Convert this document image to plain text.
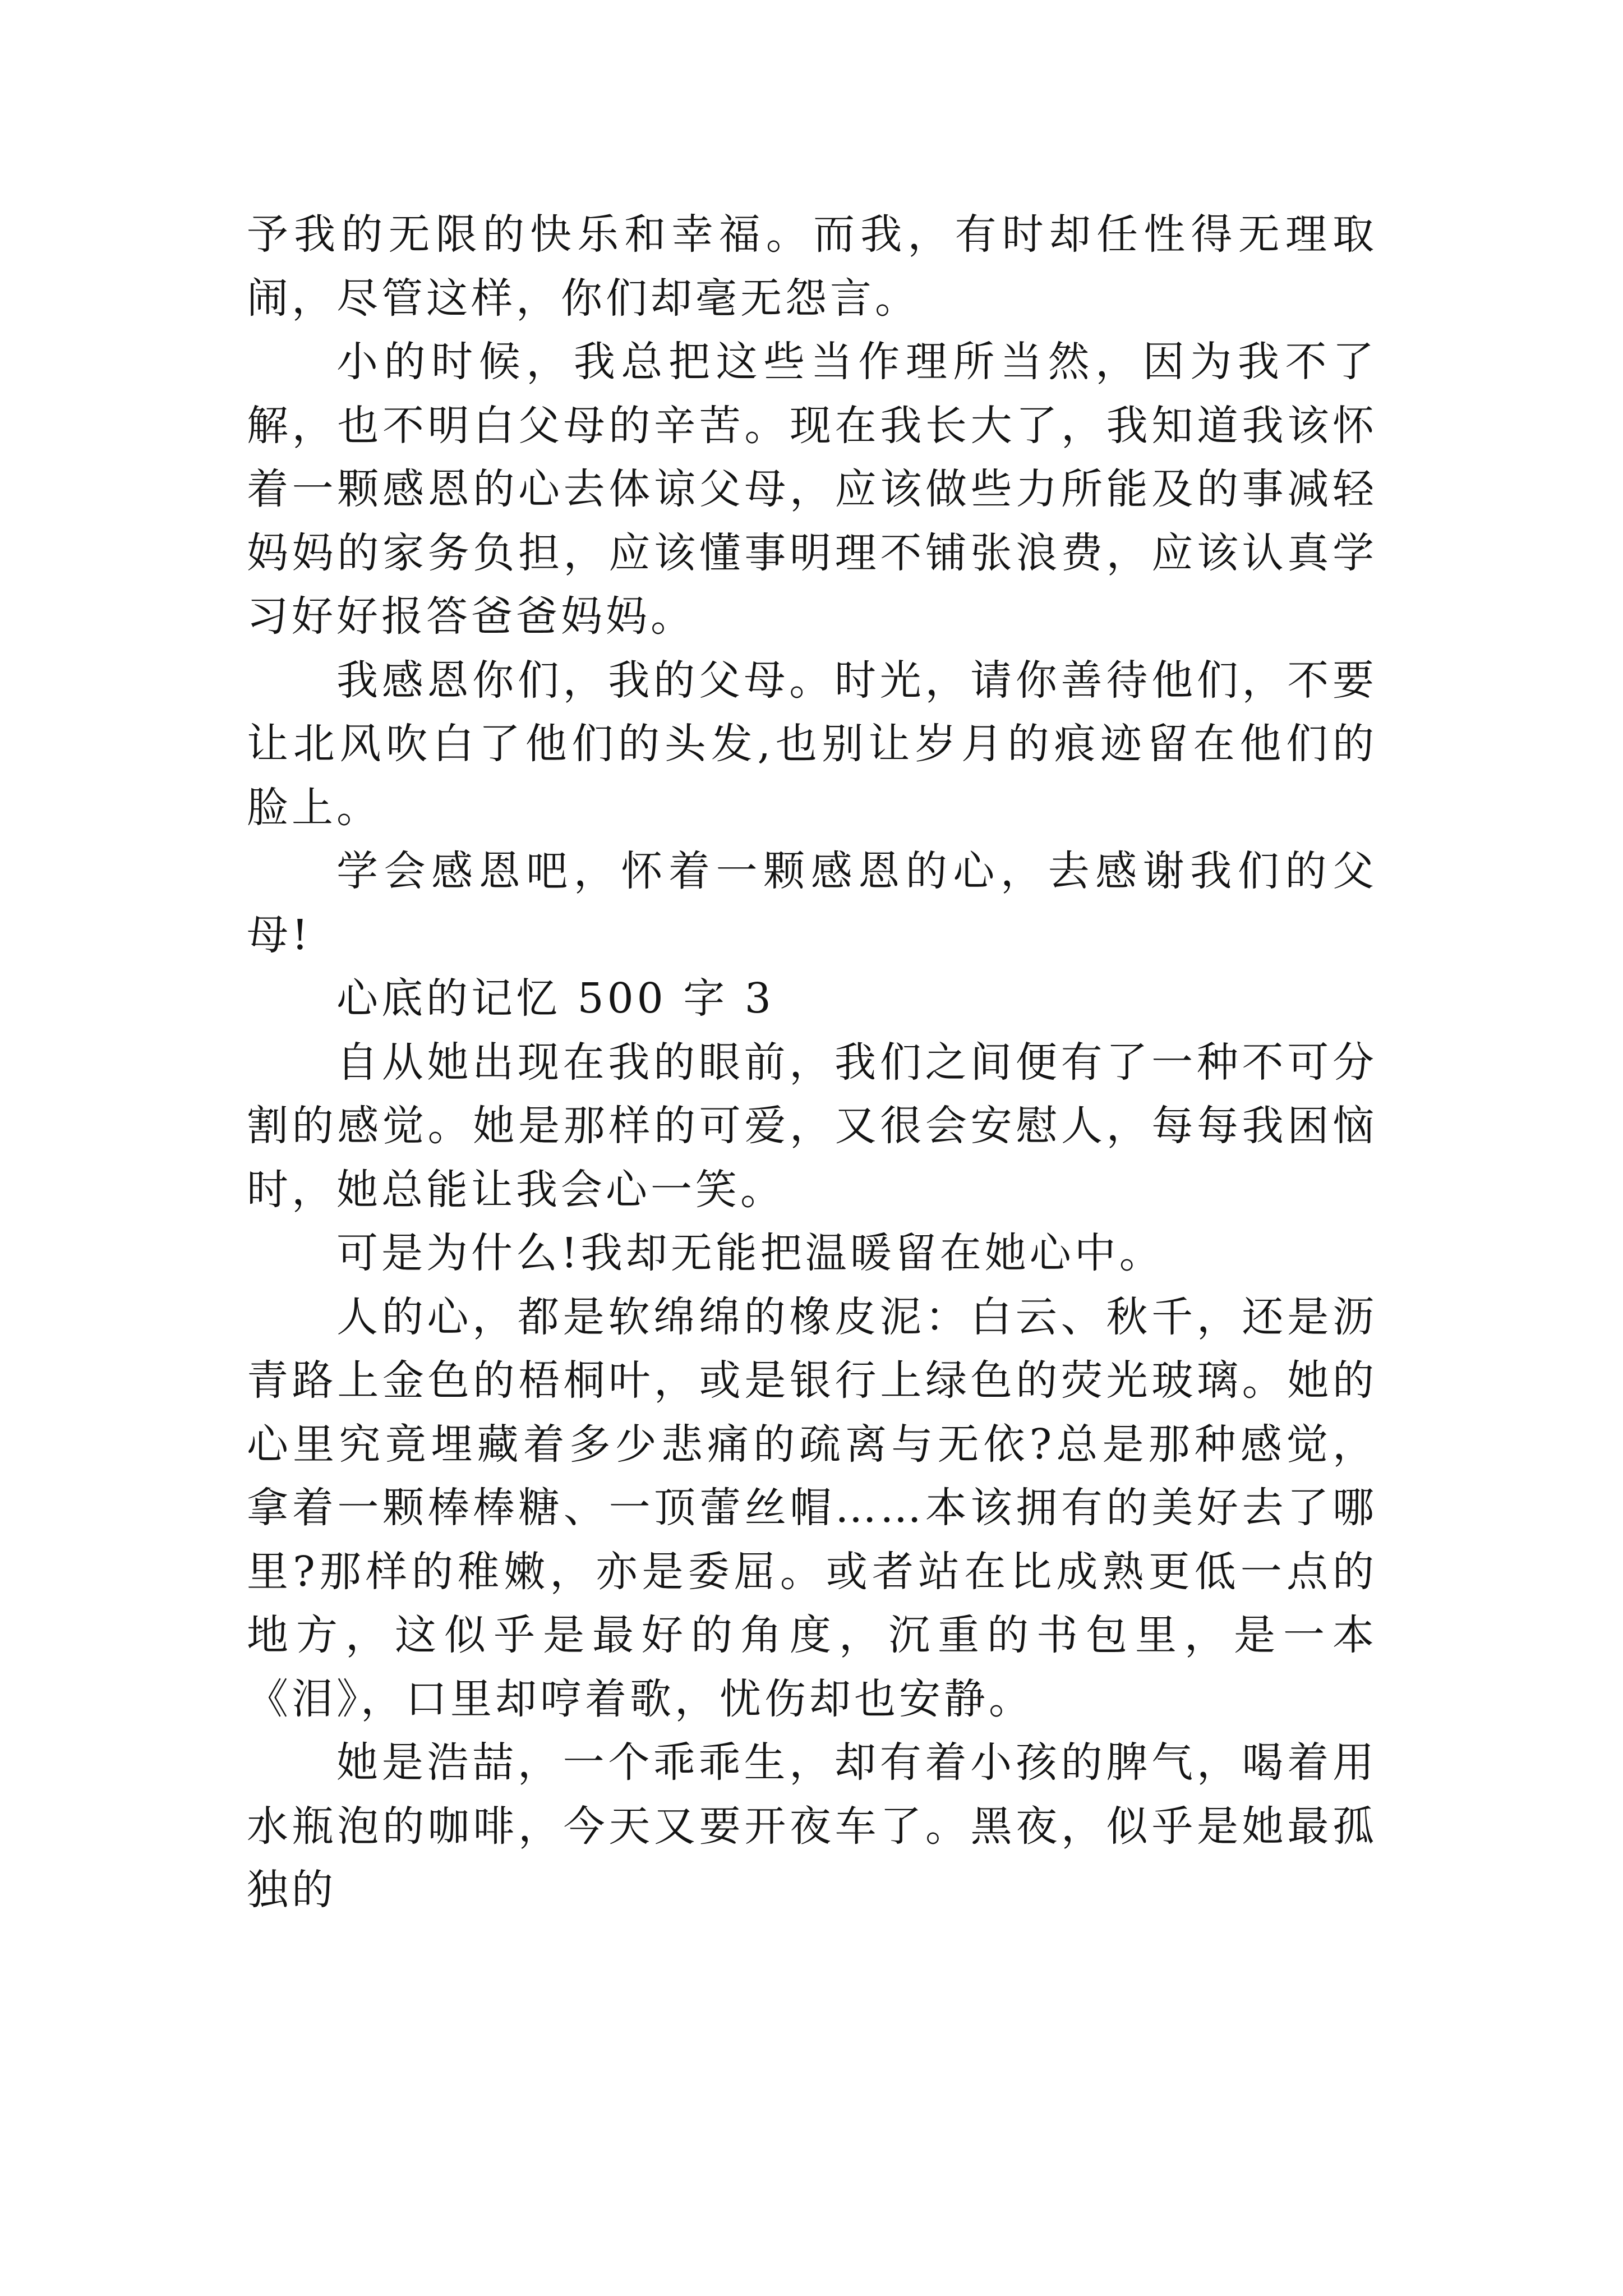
予我的无限的快乐和幸福。而我，有时却任性得无理取闹，尽管这样，你们却毫无怨言。

小的时候，我总把这些当作理所当然，因为我不了解，也不明白父母的辛苦。现在我长大了，我知道我该怀着一颗感恩的心去体谅父母，应该做些力所能及的事减轻妈妈的家务负担，应该懂事明理不铺张浪费，应该认真学习好好报答爸爸妈妈。

我感恩你们，我的父母。时光，请你善待他们，不要让北风吹白了他们的头发,也别让岁月的痕迹留在他们的脸上。

学会感恩吧，怀着一颗感恩的心，去感谢我们的父母!

心底的记忆 500 字 3

自从她出现在我的眼前，我们之间便有了一种不可分割的感觉。她是那样的可爱，又很会安慰人，每每我困恼时，她总能让我会心一笑。

可是为什么!我却无能把温暖留在她心中。

人的心，都是软绵绵的橡皮泥：白云、秋千，还是沥青路上金色的梧桐叶，或是银行上绿色的荧光玻璃。她的心里究竟埋藏着多少悲痛的疏离与无依?总是那种感觉，拿着一颗棒棒糖、一顶蕾丝帽……本该拥有的美好去了哪里?那样的稚嫩，亦是委屈。或者站在比成熟更低一点的地方，这似乎是最好的角度，沉重的书包里，是一本《泪》，口里却哼着歌，忧伤却也安静。

她是浩喆，一个乖乖生，却有着小孩的脾气，喝着用水瓶泡的咖啡，今天又要开夜车了。黑夜，似乎是她最孤独的
